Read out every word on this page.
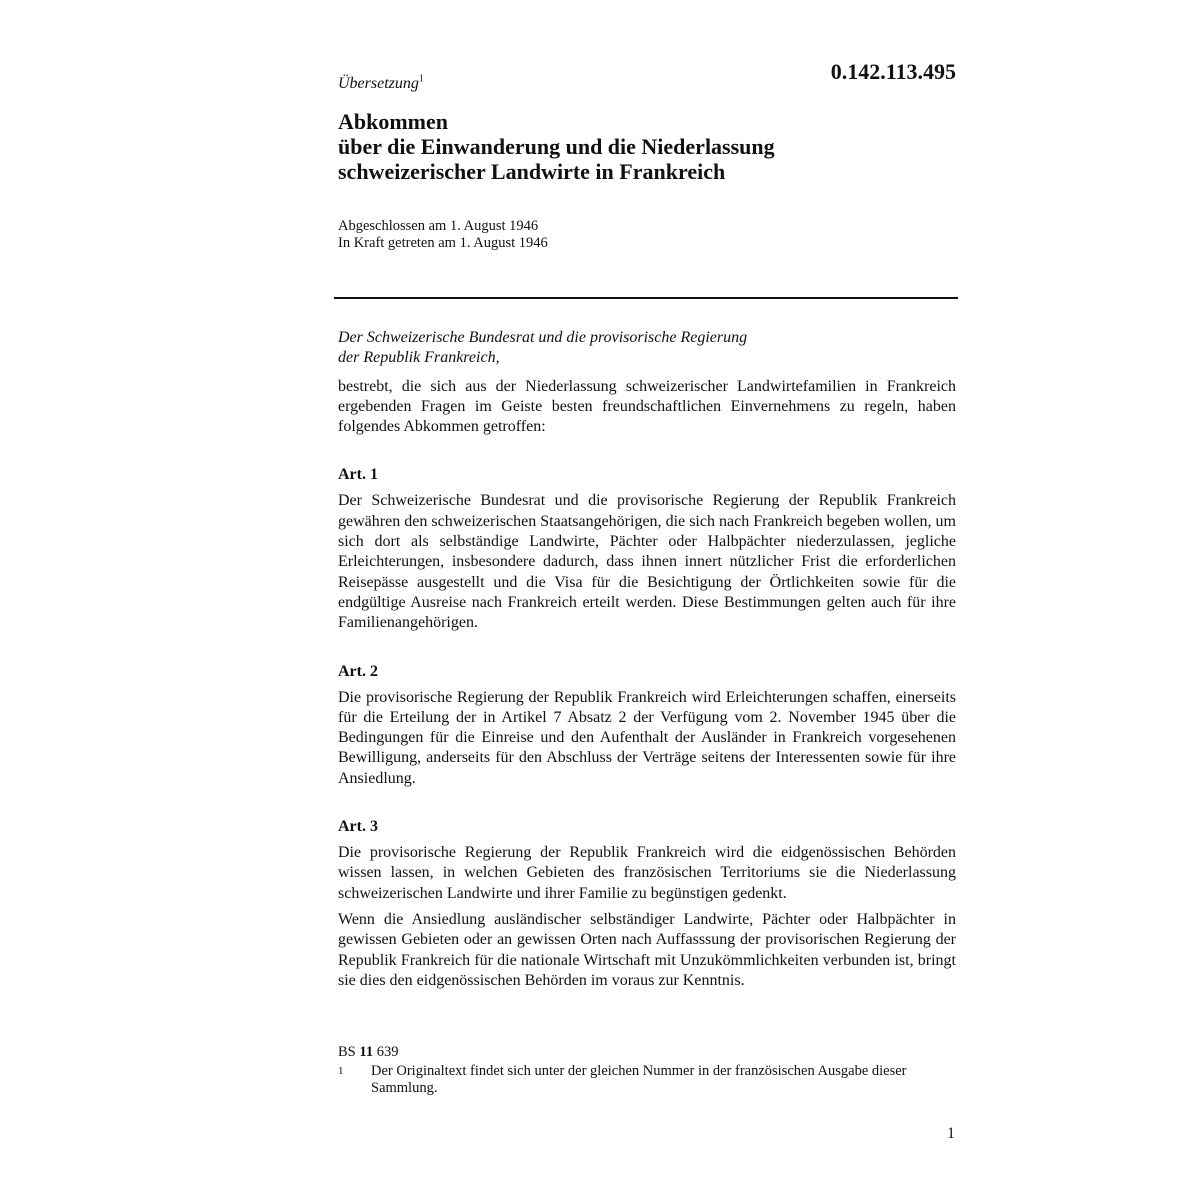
0.142.113.495
Übersetzung$^1$
Abkommen
über die Einwanderung und die Niederlassung
schweizerischer Landwirte in Frankreich
Abgeschlossen am 1. August 1946
In Kraft getreten am 1. August 1946
Der Schweizerische Bundesrat und die provisorische Regierung
der Republik Frankreich,

bestrebt, die sich aus der Niederlassung schweizerischer Landwirtefamilien in Frankreich ergebenden Fragen im Geiste besten freundschaftlichen Einvernehmens zu regeln, haben folgendes Abkommen getroffen:

Art. 1

Der Schweizerische Bundesrat und die provisorische Regierung der Republik Frankreich gewähren den schweizerischen Staatsangehörigen, die sich nach Frankreich begeben wollen, um sich dort als selbständige Landwirte, Pächter oder Halbpächter niederzulassen, jegliche Erleichterungen, insbesondere dadurch, dass ihnen innert nützlicher Frist die erforderlichen Reisepässe ausgestellt und die Visa für die Besichtigung der Örtlichkeiten sowie für die endgültige Ausreise nach Frankreich erteilt werden. Diese Bestimmungen gelten auch für ihre Familienangehörigen.

Art. 2

Die provisorische Regierung der Republik Frankreich wird Erleichterungen schaffen, einerseits für die Erteilung der in Artikel 7 Absatz 2 der Verfügung vom 2. November 1945 über die Bedingungen für die Einreise und den Aufenthalt der Ausländer in Frankreich vorgesehenen Bewilligung, anderseits für den Abschluss der Verträge seitens der Interessenten sowie für ihre Ansiedlung.

Art. 3

Die provisorische Regierung der Republik Frankreich wird die eidgenössischen Behörden wissen lassen, in welchen Gebieten des französischen Territoriums sie die Niederlassung schweizerischen Landwirte und ihrer Familie zu begünstigen gedenkt.

Wenn die Ansiedlung ausländischer selbständiger Landwirte, Pächter oder Halbpächter in gewissen Gebieten oder an gewissen Orten nach Auffasssung der provisorischen Regierung der Republik Frankreich für die nationale Wirtschaft mit Unzukömmlichkeiten verbunden ist, bringt sie dies den eidgenössischen Behörden im voraus zur Kenntnis.

BS 11 639
1	Der Originaltext findet sich unter der gleichen Nummer in der französischen Ausgabe dieser Sammlung.
1
